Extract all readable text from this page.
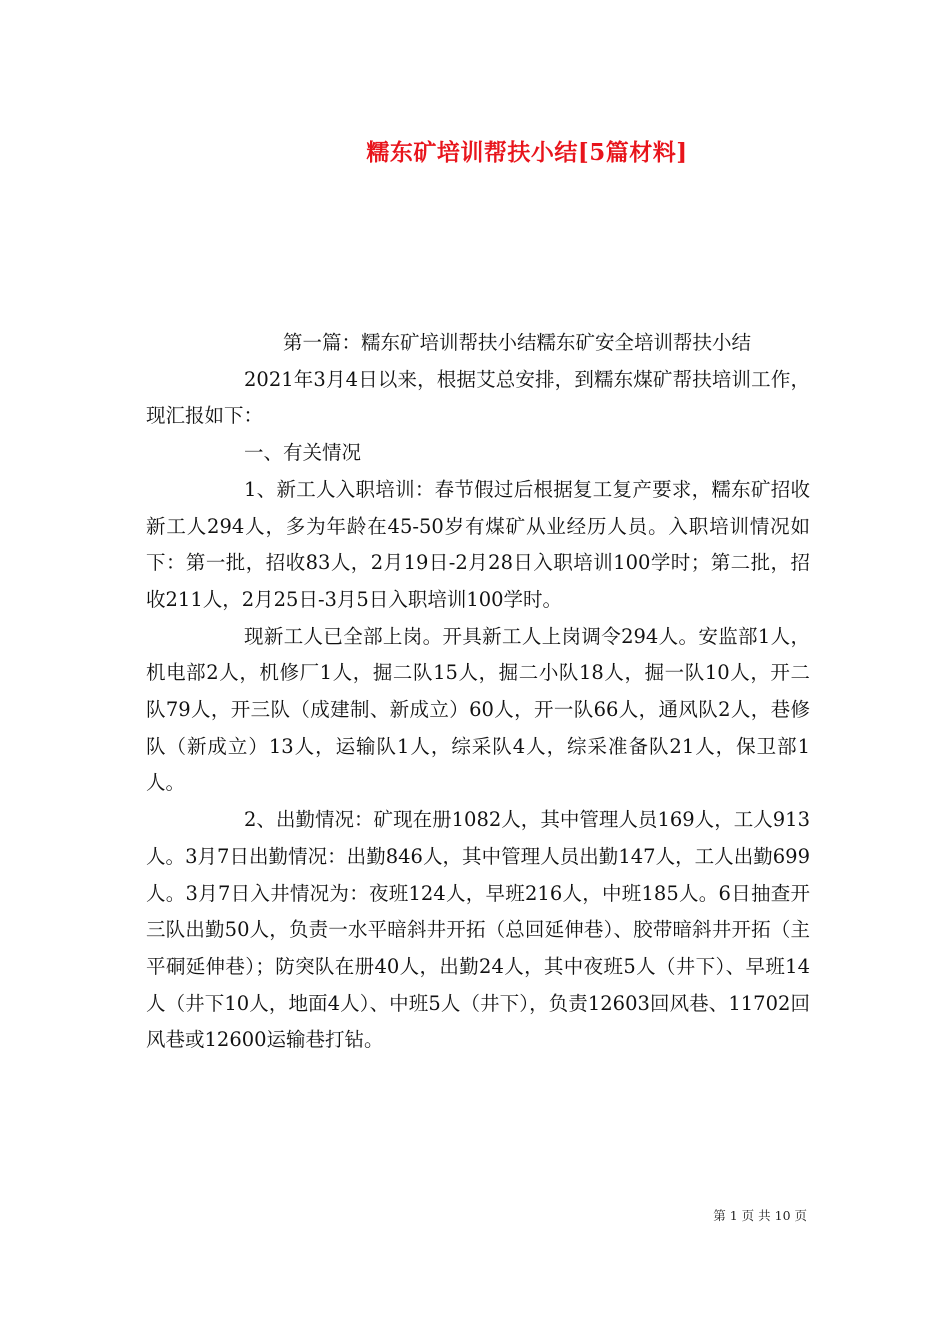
糯东矿培训帮扶小结[5篇材料]

第一篇：糯东矿培训帮扶小结糯东矿安全培训帮扶小结

2021年3月4日以来，根据艾总安排，到糯东煤矿帮扶培训工作，现汇报如下：

一、有关情况

1、新工人入职培训：春节假过后根据复工复产要求，糯东矿招收新工人294人，多为年龄在45-50岁有煤矿从业经历人员。入职培训情况如下：第一批，招收83人，2月19日-2月28日入职培训100学时；第二批，招收211人，2月25日-3月5日入职培训100学时。

现新工人已全部上岗。开具新工人上岗调令294人。安监部1人，机电部2人，机修厂1人，掘二队15人，掘二小队18人，掘一队10人，开二队79人，开三队（成建制、新成立）60人，开一队66人，通风队2人，巷修队（新成立）13人，运输队1人，综采队4人，综采准备队21人，保卫部1人。

2、出勤情况：矿现在册1082人，其中管理人员169人，工人913人。3月7日出勤情况：出勤846人，其中管理人员出勤147人，工人出勤699人。3月7日入井情况为：夜班124人，早班216人，中班185人。6日抽查开三队出勤50人，负责一水平暗斜井开拓（总回延伸巷）、胶带暗斜井开拓（主平硐延伸巷）；防突队在册40人，出勤24人，其中夜班5人（井下）、早班14人（井下10人，地面4人）、中班5人（井下），负责12603回风巷、11702回风巷或12600运输巷打钻。

第 1 页 共 10 页
